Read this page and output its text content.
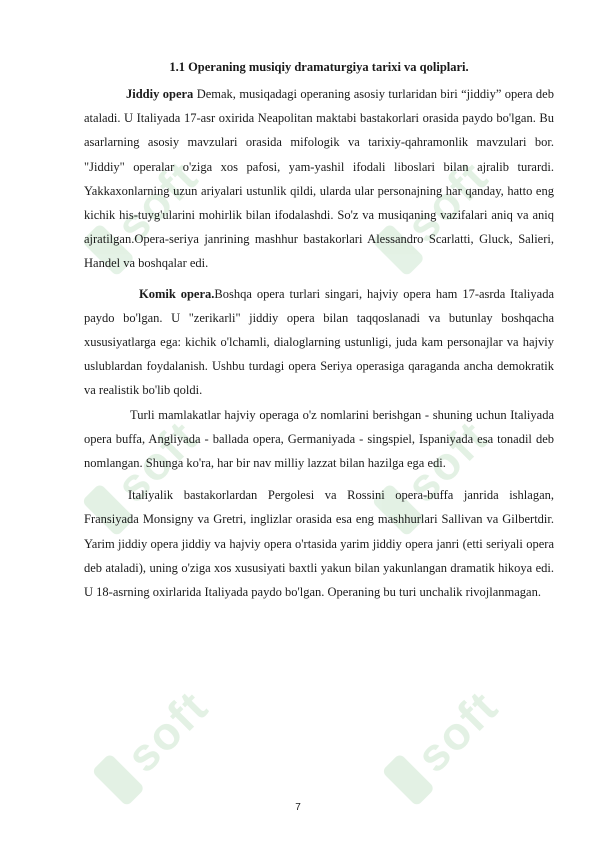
soft	soft
soft	soft
soft	soft
1.1 Operaning musiqiy dramaturgiya tarixi va qoliplari.

Jiddiy opera Demak, musiqadagi operaning asosiy turlaridan biri “jiddiy” opera deb ataladi. U Italiyada 17-asr oxirida Neapolitan maktabi bastakorlari orasida paydo bo'lgan. Bu asarlarning asosiy mavzulari orasida mifologik va tarixiy-qahramonlik mavzulari bor. "Jiddiy" operalar o'ziga xos pafosi, yam-yashil ifodali liboslari bilan ajralib turardi. Yakkaxonlarning uzun ariyalari ustunlik qildi, ularda ular personajning har qanday, hatto eng kichik his-tuyg'ularini mohirlik bilan ifodalashdi. So'z va musiqaning vazifalari aniq va aniq ajratilgan.Opera-seriya janrining mashhur bastakorlari Alessandro Scarlatti, Gluck, Salieri, Handel va boshqalar edi.

Komik opera.Boshqa opera turlari singari, hajviy opera ham 17-asrda Italiyada paydo bo'lgan. U "zerikarli" jiddiy opera bilan taqqoslanadi va butunlay boshqacha xususiyatlarga ega: kichik o'lchamli, dialoglarning ustunligi, juda kam personajlar va hajviy uslublardan foydalanish. Ushbu turdagi opera Seriya operasiga qaraganda ancha demokratik va realistik bo'lib qoldi.

Turli mamlakatlar hajviy operaga o'z nomlarini berishgan - shuning uchun Italiyada opera buffa, Angliyada - ballada opera, Germaniyada - singspiel, Ispaniyada esa tonadil deb nomlangan. Shunga ko'ra, har bir nav milliy lazzat bilan hazilga ega edi.

Italiyalik bastakorlardan Pergolesi va Rossini opera-buffa janrida ishlagan, Fransiyada Monsigny va Gretri, inglizlar orasida esa eng mashhurlari Sallivan va Gilbertdir. Yarim jiddiy opera jiddiy va hajviy opera o'rtasida yarim jiddiy opera janri (etti seriyali opera deb ataladi), uning o'ziga xos xususiyati baxtli yakun bilan yakunlangan dramatik hikoya edi. U 18-asrning oxirlarida Italiyada paydo bo'lgan. Operaning bu turi unchalik rivojlanmagan.

7
